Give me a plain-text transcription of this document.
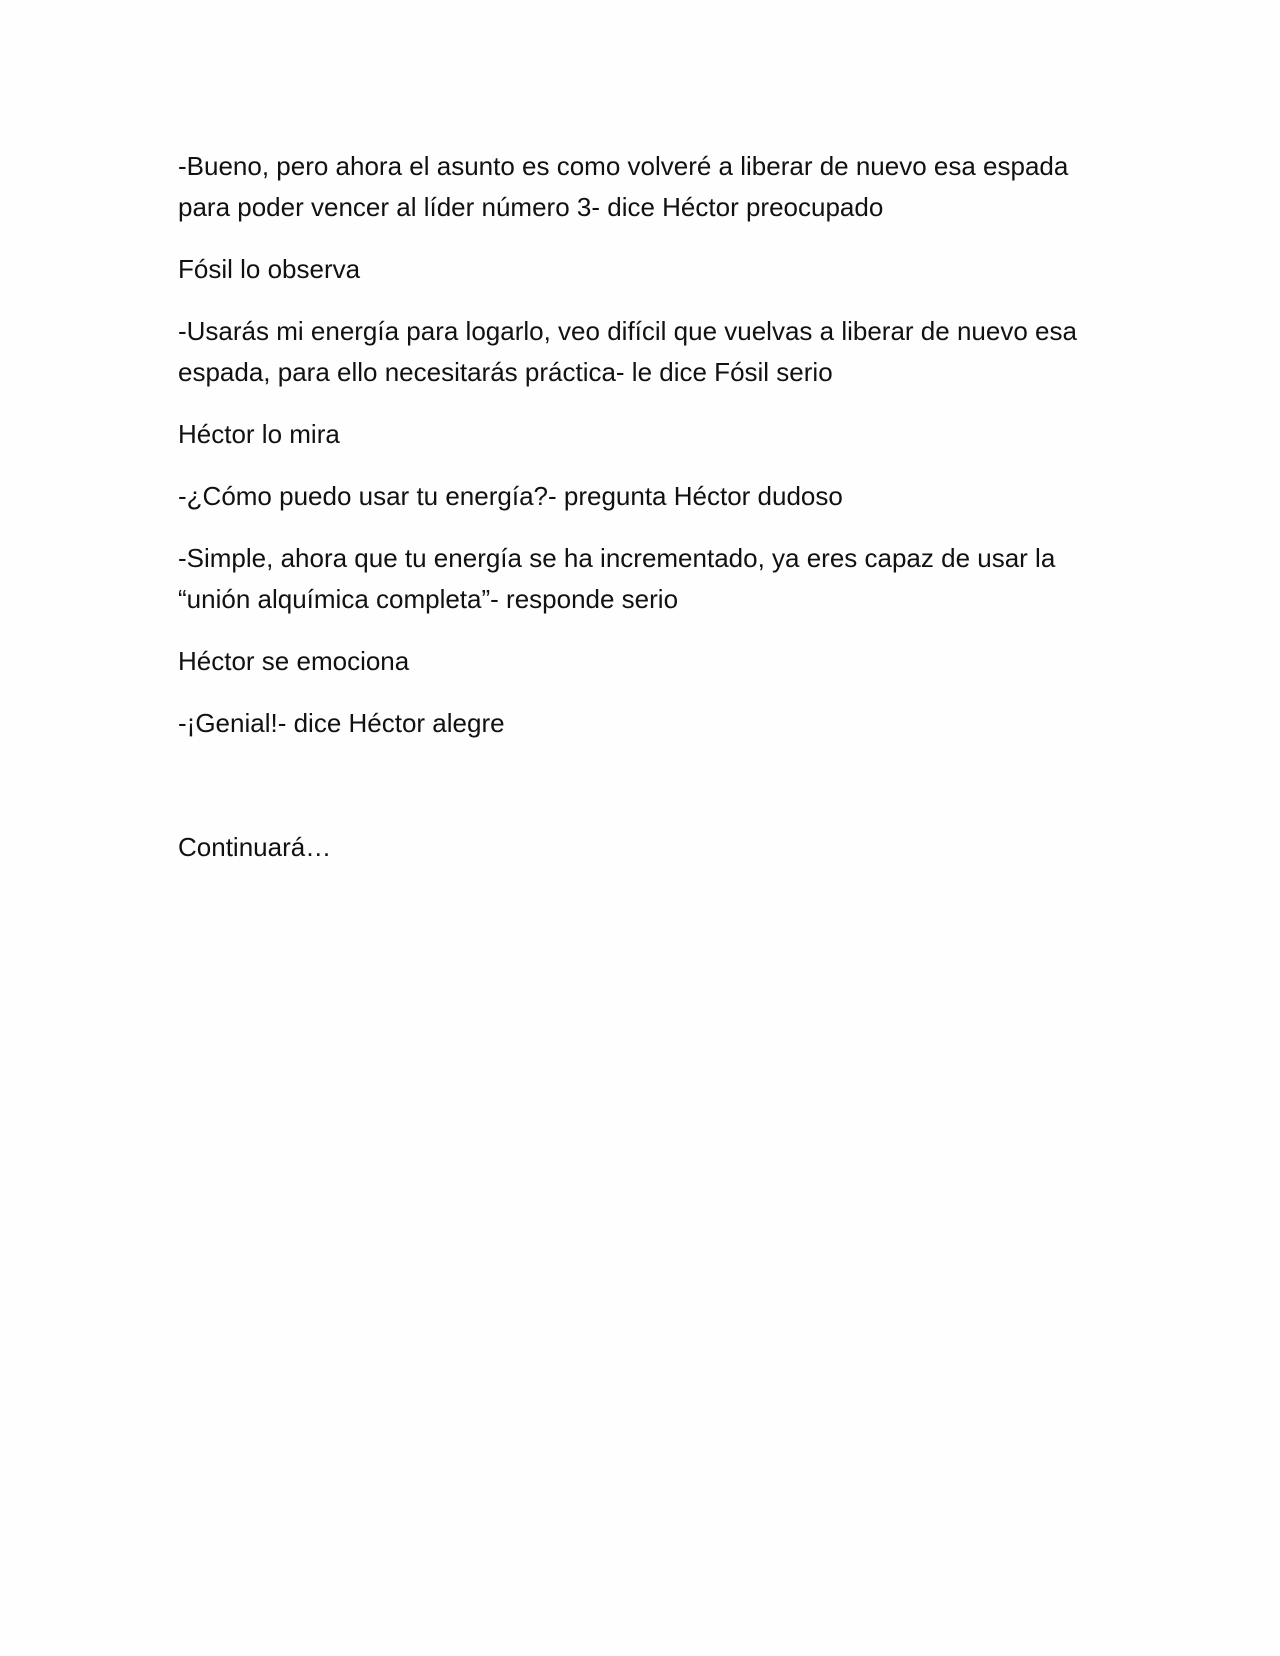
-Bueno, pero ahora el asunto es como volveré a liberar de nuevo esa espada para poder vencer al líder número 3- dice Héctor preocupado

Fósil lo observa

-Usarás mi energía para logarlo, veo difícil que vuelvas a liberar de nuevo esa espada, para ello necesitarás práctica- le dice Fósil serio

Héctor lo mira

-¿Cómo puedo usar tu energía?- pregunta Héctor dudoso

-Simple, ahora que tu energía se ha incrementado, ya eres capaz de usar la “unión alquímica completa”- responde serio

Héctor se emociona

-¡Genial!- dice Héctor alegre

Continuará…
